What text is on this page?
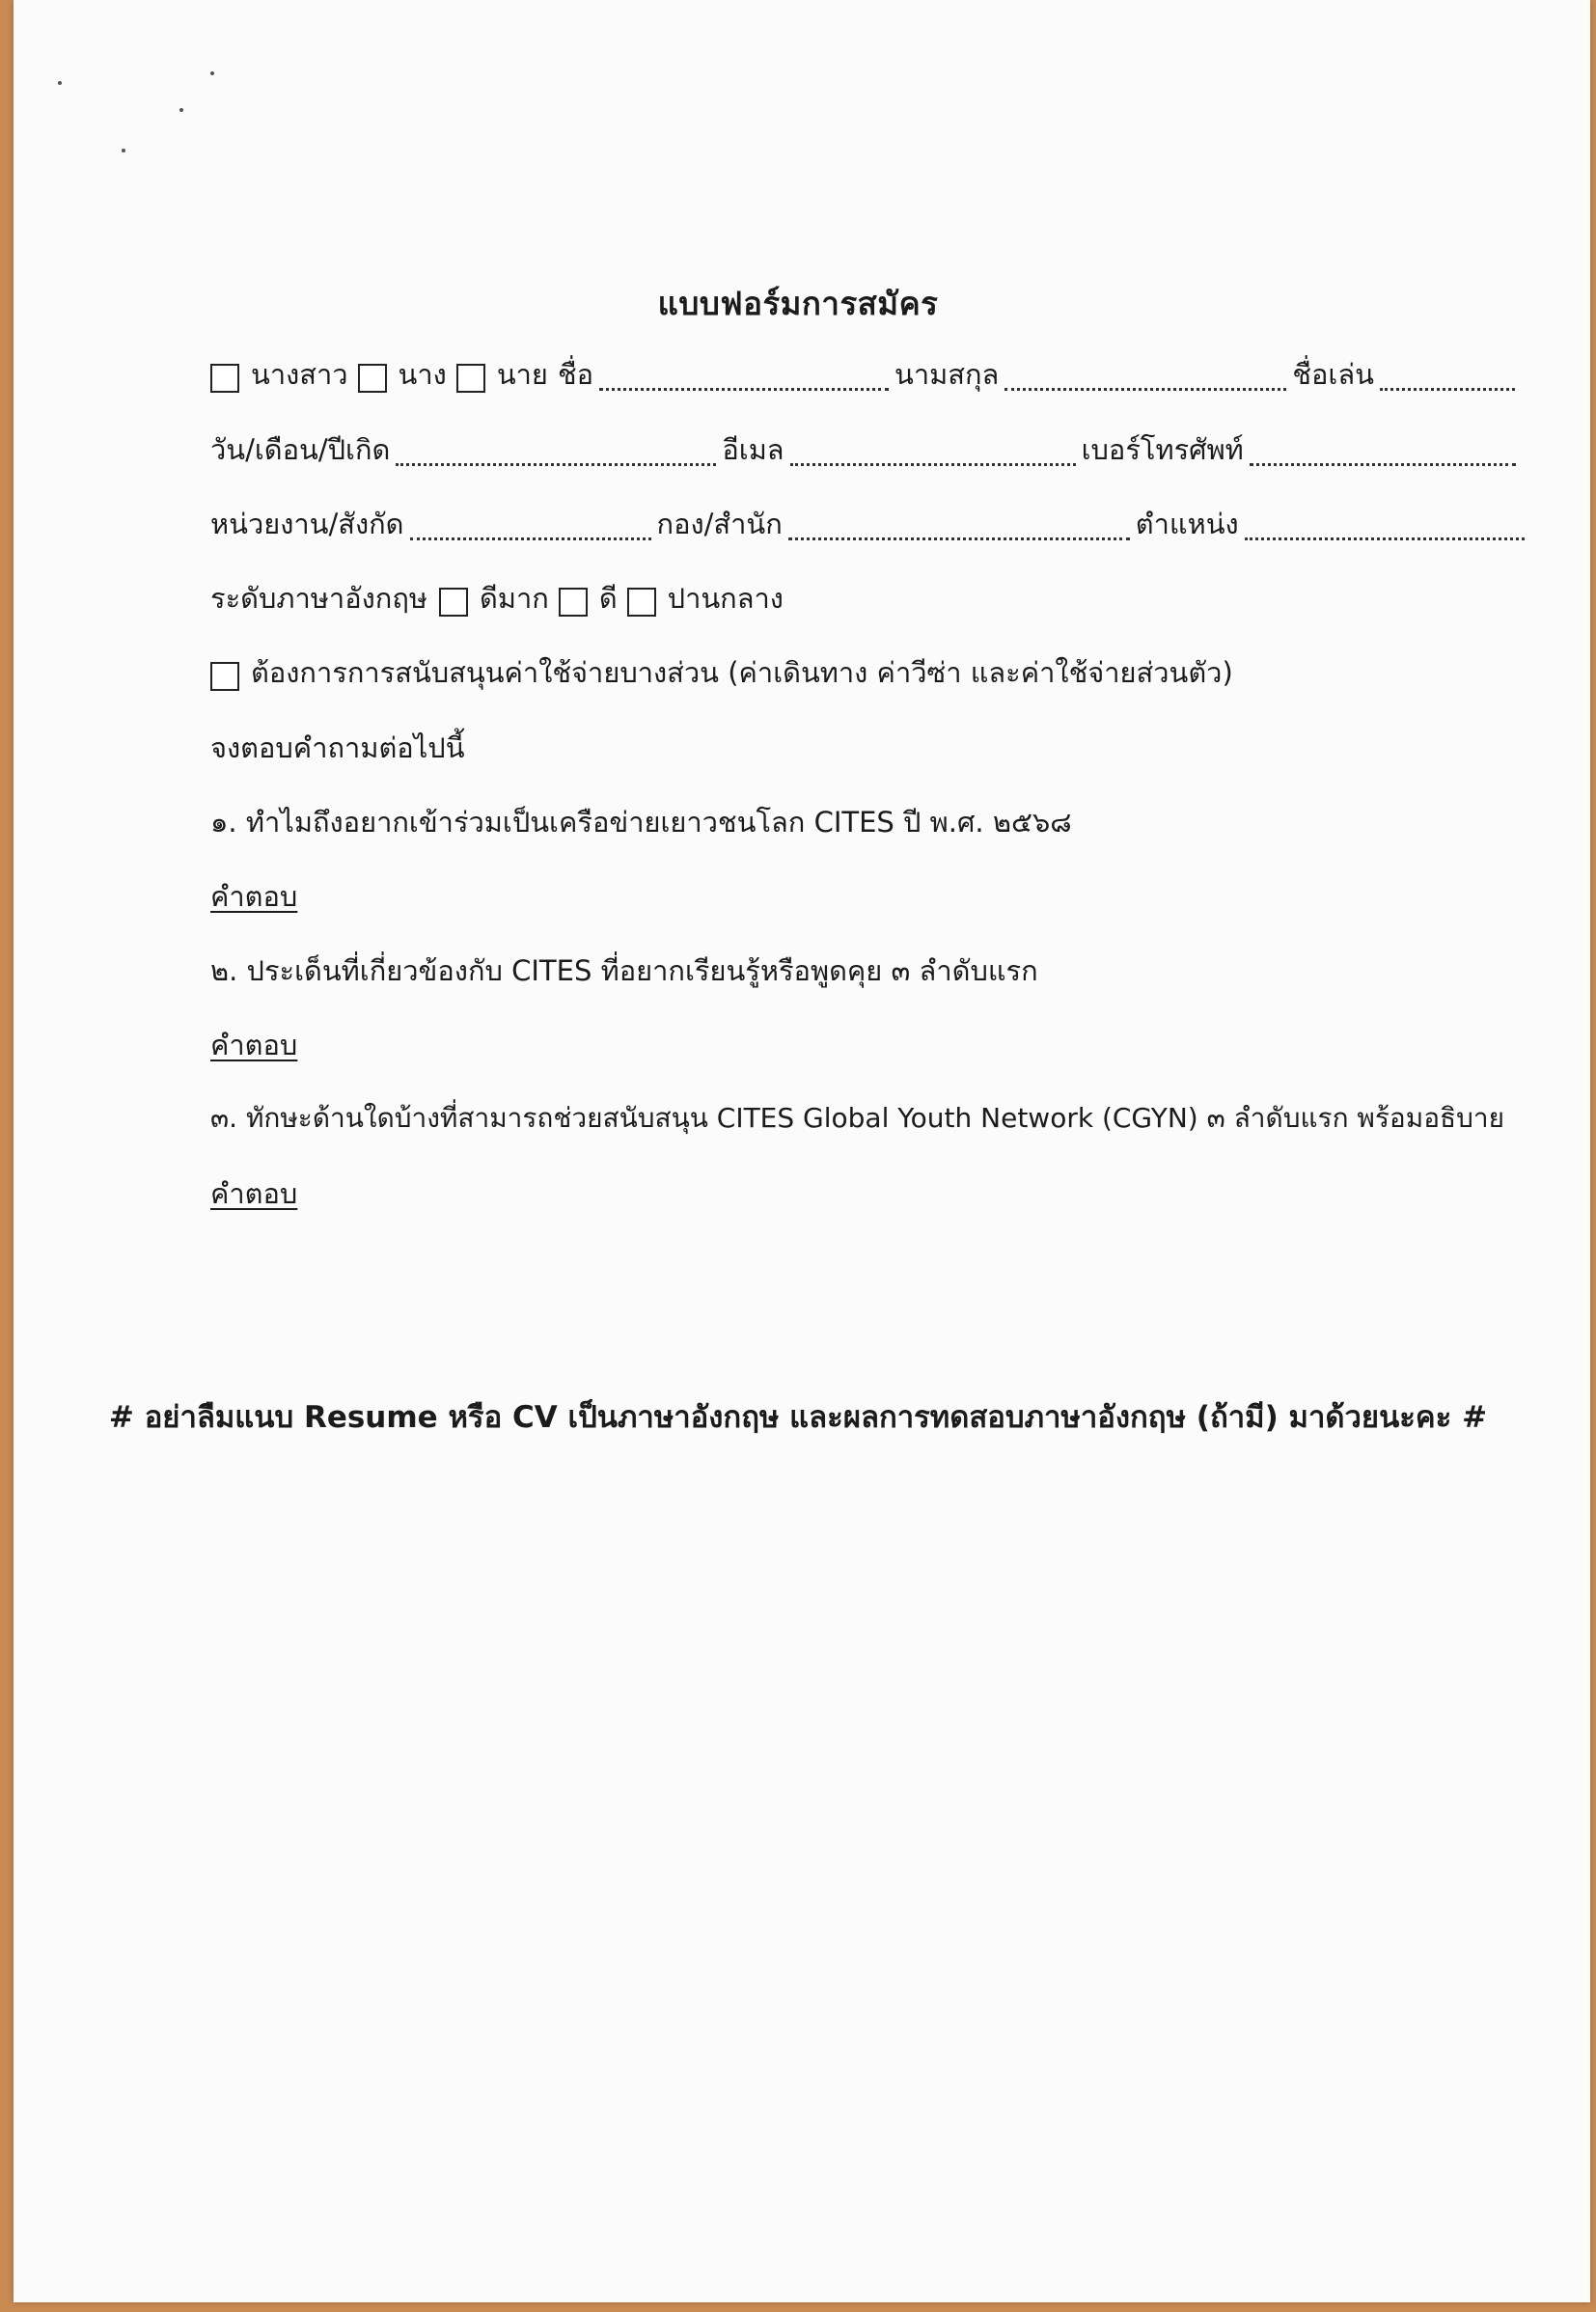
แบบฟอร์มการสมัคร
นางสาว นาง นาย ชื่อ	นามสกุล	ชื่อเล่น
วัน/เดือน/ปีเกิด	อีเมล	เบอร์โทรศัพท์
หน่วยงาน/สังกัด	กอง/สำนัก	ตำแหน่ง
ระดับภาษาอังกฤษ ดีมาก ดี ปานกลาง
ต้องการการสนับสนุนค่าใช้จ่ายบางส่วน (ค่าเดินทาง ค่าวีซ่า และค่าใช้จ่ายส่วนตัว)
จงตอบคำถามต่อไปนี้
๑. ทำไมถึงอยากเข้าร่วมเป็นเครือข่ายเยาวชนโลก CITES ปี พ.ศ. ๒๕๖๘
คำตอบ
๒. ประเด็นที่เกี่ยวข้องกับ CITES ที่อยากเรียนรู้หรือพูดคุย ๓ ลำดับแรก
คำตอบ
๓. ทักษะด้านใดบ้างที่สามารถช่วยสนับสนุน CITES Global Youth Network (CGYN) ๓ ลำดับแรก พร้อมอธิบาย
คำตอบ
# อย่าลืมแนบ Resume หรือ CV เป็นภาษาอังกฤษ และผลการทดสอบภาษาอังกฤษ (ถ้ามี) มาด้วยนะคะ #
